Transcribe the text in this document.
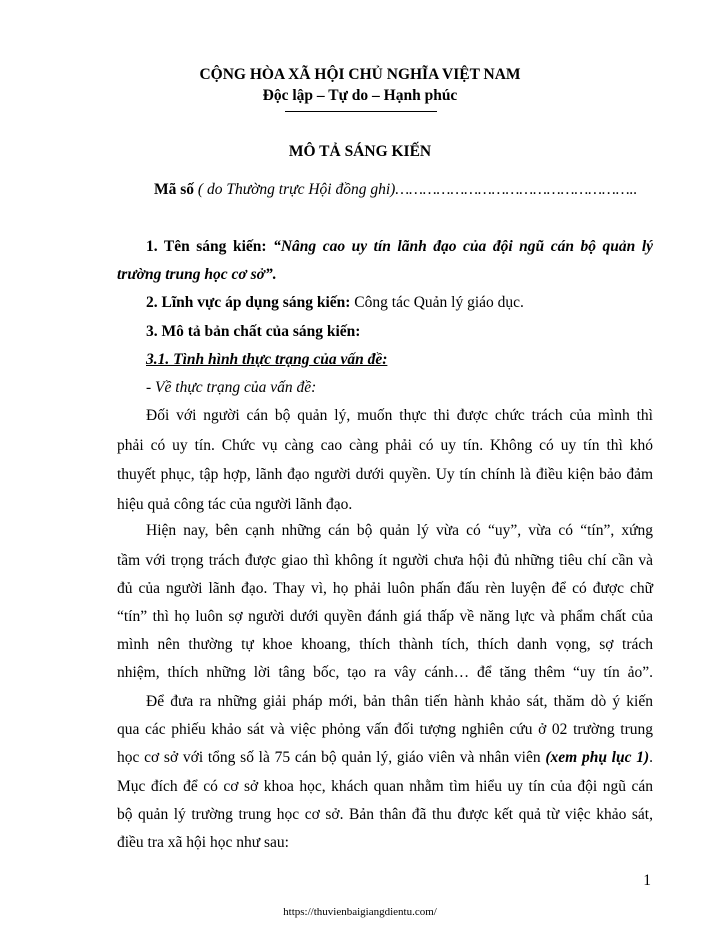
CỘNG HÒA XÃ HỘI CHỦ NGHĨA VIỆT NAM
Độc lập – Tự do – Hạnh phúc
MÔ TẢ SÁNG KIẾN
Mã số ( do Thường trực Hội đồng ghi)……………………………………………..
1. Tên sáng kiến: “Nâng cao uy tín lãnh đạo của đội ngũ cán bộ quản lý
trường trung học cơ sở”.
2. Lĩnh vực áp dụng sáng kiến: Công tác Quản lý giáo dục.
3. Mô tả bản chất của sáng kiến:
3.1. Tình hình thực trạng của vấn đề:
- Về thực trạng của vấn đề:
Đối với người cán bộ quản lý, muốn thực thi được chức trách của mình thì
phải có uy tín. Chức vụ càng cao càng phải có uy tín. Không có uy tín thì khó
thuyết phục, tập hợp, lãnh đạo người dưới quyền. Uy tín chính là điều kiện bảo đảm
hiệu quả công tác của người lãnh đạo.
Hiện nay, bên cạnh những cán bộ quản lý vừa có “uy”, vừa có “tín”, xứng
tầm với trọng trách được giao thì không ít người chưa hội đủ những tiêu chí cần và
đủ của người lãnh đạo. Thay vì, họ phải luôn phấn đấu rèn luyện để có được chữ
“tín” thì họ luôn sợ người dưới quyền đánh giá thấp về năng lực và phẩm chất của
mình nên thường tự khoe khoang, thích thành tích, thích danh vọng, sợ trách
nhiệm, thích những lời tâng bốc, tạo ra vây cánh… để tăng thêm “uy tín ảo”.
Để đưa ra những giải pháp mới, bản thân tiến hành khảo sát, thăm dò ý kiến
qua các phiếu khảo sát và việc phỏng vấn đối tượng nghiên cứu ở 02 trường trung
học cơ sở với tổng số là 75 cán bộ quản lý, giáo viên và nhân viên (xem phụ lục 1).
Mục đích để có cơ sở khoa học, khách quan nhằm tìm hiểu uy tín của đội ngũ cán
bộ quản lý trường trung học cơ sở. Bản thân đã thu được kết quả từ việc khảo sát,
điều tra xã hội học như sau:
1
https://thuvienbaigiangdientu.com/
